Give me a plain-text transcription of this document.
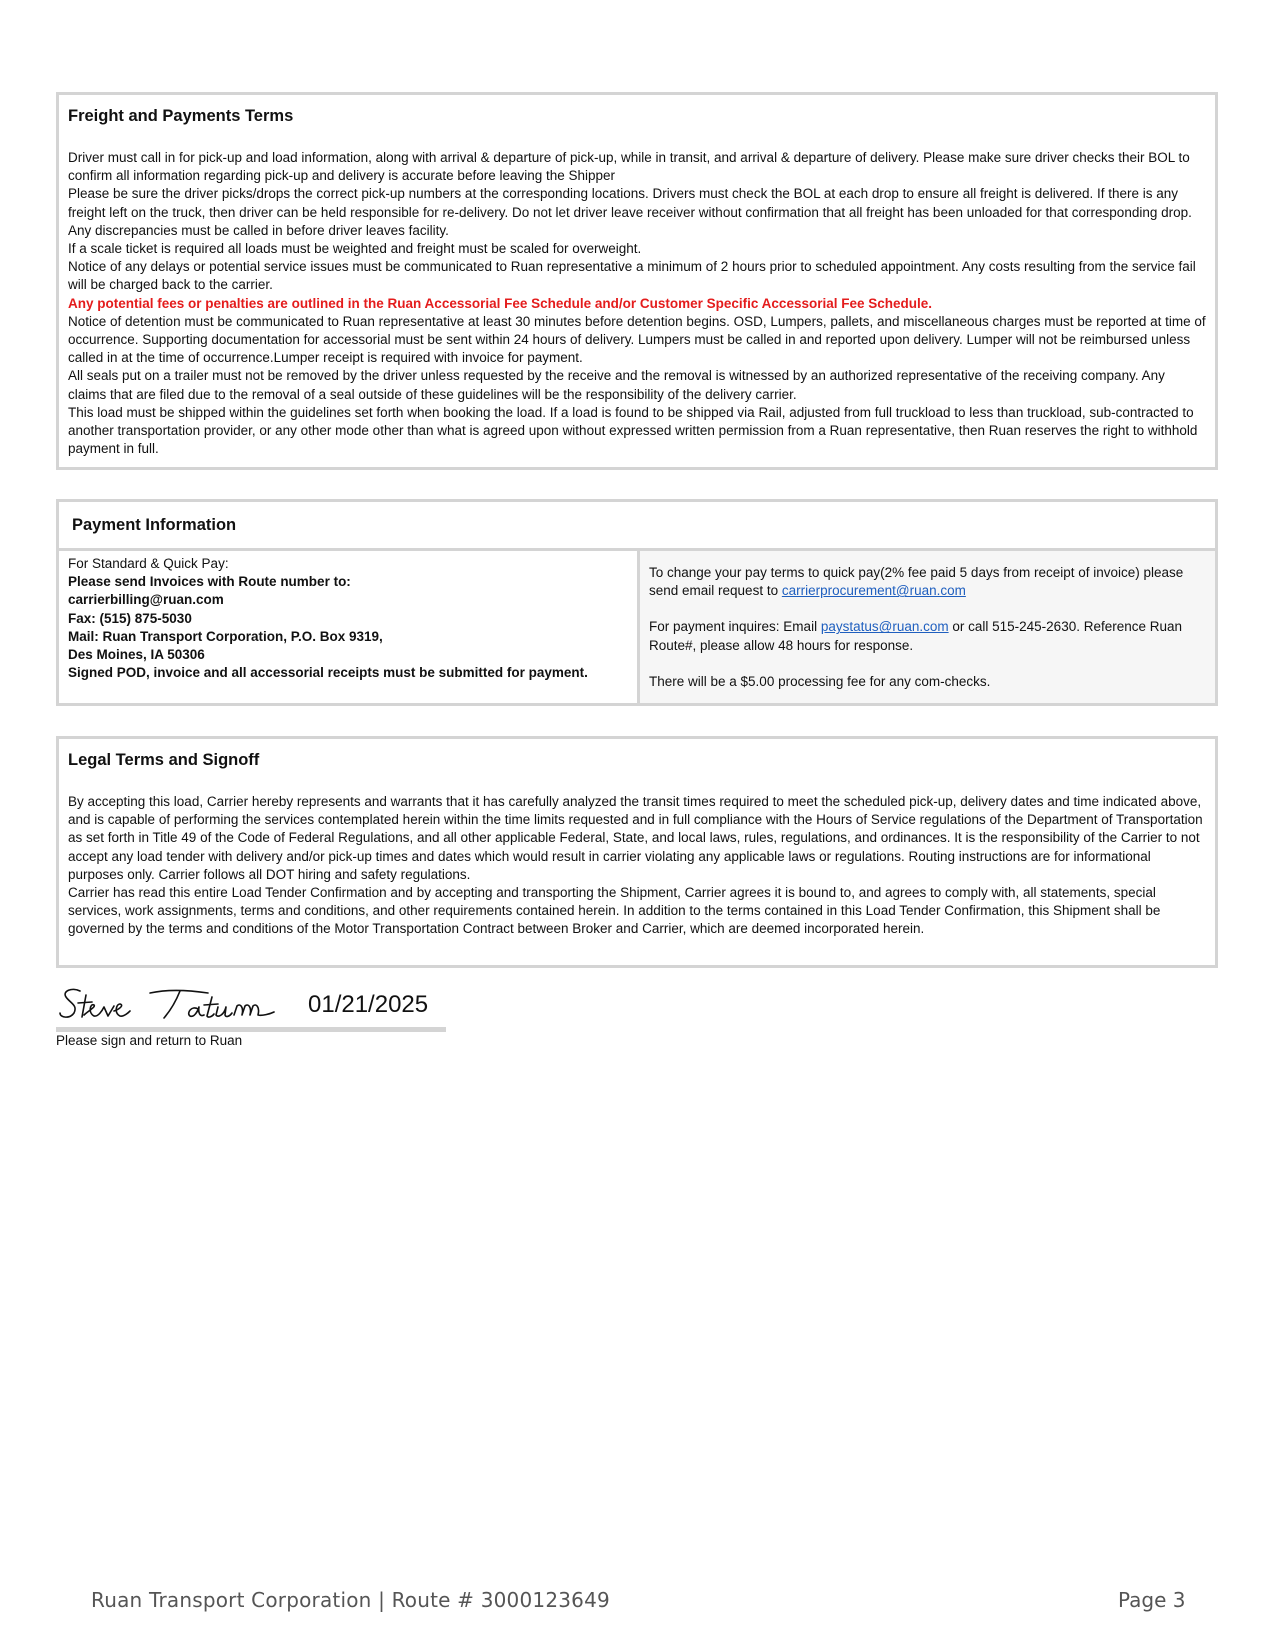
Freight and Payments Terms

Driver must call in for pick-up and load information, along with arrival & departure of pick-up, while in transit, and arrival & departure of delivery. Please make sure driver checks their BOL to confirm all information regarding pick-up and delivery is accurate before leaving the Shipper

Please be sure the driver picks/drops the correct pick-up numbers at the corresponding locations. Drivers must check the BOL at each drop to ensure all freight is delivered. If there is any freight left on the truck, then driver can be held responsible for re-delivery. Do not let driver leave receiver without confirmation that all freight has been unloaded for that corresponding drop. Any discrepancies must be called in before driver leaves facility.

If a scale ticket is required all loads must be weighted and freight must be scaled for overweight.

Notice of any delays or potential service issues must be communicated to Ruan representative a minimum of 2 hours prior to scheduled appointment. Any costs resulting from the service fail will be charged back to the carrier.

Any potential fees or penalties are outlined in the Ruan Accessorial Fee Schedule and/or Customer Specific Accessorial Fee Schedule.

Notice of detention must be communicated to Ruan representative at least 30 minutes before detention begins. OSD, Lumpers, pallets, and miscellaneous charges must be reported at time of occurrence. Supporting documentation for accessorial must be sent within 24 hours of delivery. Lumpers must be called in and reported upon delivery. Lumper will not be reimbursed unless called in at the time of occurrence.Lumper receipt is required with invoice for payment.

All seals put on a trailer must not be removed by the driver unless requested by the receive and the removal is witnessed by an authorized representative of the receiving company. Any claims that are filed due to the removal of a seal outside of these guidelines will be the responsibility of the delivery carrier.

This load must be shipped within the guidelines set forth when booking the load. If a load is found to be shipped via Rail, adjusted from full truckload to less than truckload, sub-contracted to another transportation provider, or any other mode other than what is agreed upon without expressed written permission from a Ruan representative, then Ruan reserves the right to withhold payment in full.

Payment Information
For Standard & Quick Pay:
Please send Invoices with Route number to:
carrierbilling@ruan.com
Fax: (515) 875-5030
Mail: Ruan Transport Corporation, P.O. Box 9319,
Des Moines, IA 50306
Signed POD, invoice and all accessorial receipts must be submitted for payment.

To change your pay terms to quick pay(2% fee paid 5 days from receipt of invoice) please send email request to carrierprocurement@ruan.com

For payment inquires: Email paystatus@ruan.com or call 515-245-2630. Reference Ruan Route#, please allow 48 hours for response.

There will be a $5.00 processing fee for any com-checks.

Legal Terms and Signoff

By accepting this load, Carrier hereby represents and warrants that it has carefully analyzed the transit times required to meet the scheduled pick-up, delivery dates and time indicated above, and is capable of performing the services contemplated herein within the time limits requested and in full compliance with the Hours of Service regulations of the Department of Transportation as set forth in Title 49 of the Code of Federal Regulations, and all other applicable Federal, State, and local laws, rules, regulations, and ordinances. It is the responsibility of the Carrier to not accept any load tender with delivery and/or pick-up times and dates which would result in carrier violating any applicable laws or regulations. Routing instructions are for informational purposes only. Carrier follows all DOT hiring and safety regulations.

Carrier has read this entire Load Tender Confirmation and by accepting and transporting the Shipment, Carrier agrees it is bound to, and agrees to comply with, all statements, special services, work assignments, terms and conditions, and other requirements contained herein. In addition to the terms contained in this Load Tender Confirmation, this Shipment shall be governed by the terms and conditions of the Motor Transportation Contract between Broker and Carrier, which are deemed incorporated herein.

01/21/2025
Please sign and return to Ruan
Ruan Transport Corporation | Route # 3000123649	Page 3
